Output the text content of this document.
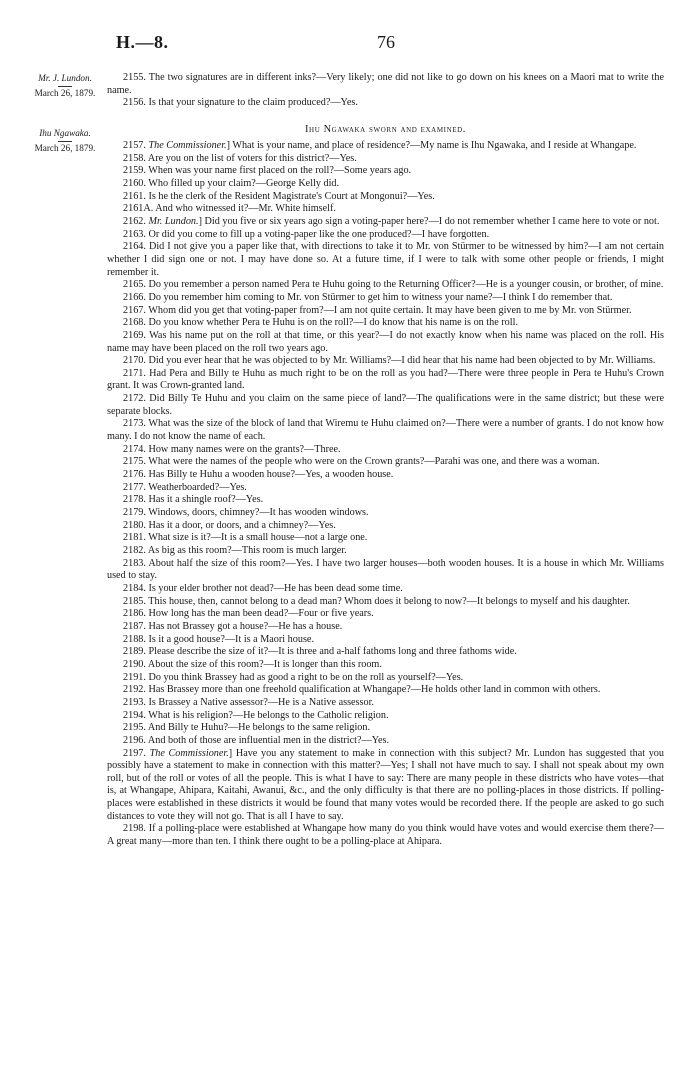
H.—8.	76
Mr. J. Lundon.
March 26, 1879.
Ihu Ngawaka.
March 26, 1879.

2155. The two signatures are in different inks?—Very likely; one did not like to go down on his knees on a Maori mat to write the name.

2156. Is that your signature to the claim produced?—Yes.

Ihu Ngawaka sworn and examined.

2157. The Commissioner.] What is your name, and place of residence?—My name is Ihu Ngawaka, and I reside at Whangape.

2158. Are you on the list of voters for this district?—Yes.

2159. When was your name first placed on the roll?—Some years ago.

2160. Who filled up your claim?—George Kelly did.

2161. Is he the clerk of the Resident Magistrate's Court at Mongonui?—Yes.

2161A. And who witnessed it?—Mr. White himself.

2162. Mr. Lundon.] Did you five or six years ago sign a voting-paper here?—I do not remember whether I came here to vote or not.

2163. Or did you come to fill up a voting-paper like the one produced?—I have forgotten.

2164. Did I not give you a paper like that, with directions to take it to Mr. von Stürmer to be witnessed by him?—I am not certain whether I did sign one or not. I may have done so. At a future time, if I were to talk with some other people or friends, I might remember it.

2165. Do you remember a person named Pera te Huhu going to the Returning Officer?—He is a younger cousin, or brother, of mine.

2166. Do you remember him coming to Mr. von Stürmer to get him to witness your name?—I think I do remember that.

2167. Whom did you get that voting-paper from?—I am not quite certain. It may have been given to me by Mr. von Stürmer.

2168. Do you know whether Pera te Huhu is on the roll?—I do know that his name is on the roll.

2169. Was his name put on the roll at that time, or this year?—I do not exactly know when his name was placed on the roll. His name may have been placed on the roll two years ago.

2170. Did you ever hear that he was objected to by Mr. Williams?—I did hear that his name had been objected to by Mr. Williams.

2171. Had Pera and Billy te Huhu as much right to be on the roll as you had?—There were three people in Pera te Huhu's Crown grant. It was Crown-granted land.

2172. Did Billy Te Huhu and you claim on the same piece of land?—The qualifications were in the same district; but these were separate blocks.

2173. What was the size of the block of land that Wiremu te Huhu claimed on?—There were a number of grants. I do not know how many. I do not know the name of each.

2174. How many names were on the grants?—Three.

2175. What were the names of the people who were on the Crown grants?—Parahi was one, and there was a woman.

2176. Has Billy te Huhu a wooden house?—Yes, a wooden house.

2177. Weatherboarded?—Yes.

2178. Has it a shingle roof?—Yes.

2179. Windows, doors, chimney?—It has wooden windows.

2180. Has it a door, or doors, and a chimney?—Yes.

2181. What size is it?—It is a small house—not a large one.

2182. As big as this room?—This room is much larger.

2183. About half the size of this room?—Yes. I have two larger houses—both wooden houses. It is a house in which Mr. Williams used to stay.

2184. Is your elder brother not dead?—He has been dead some time.

2185. This house, then, cannot belong to a dead man? Whom does it belong to now?—It belongs to myself and his daughter.

2186. How long has the man been dead?—Four or five years.

2187. Has not Brassey got a house?—He has a house.

2188. Is it a good house?—It is a Maori house.

2189. Please describe the size of it?—It is three and a-half fathoms long and three fathoms wide.

2190. About the size of this room?—It is longer than this room.

2191. Do you think Brassey had as good a right to be on the roll as yourself?—Yes.

2192. Has Brassey more than one freehold qualification at Whangape?—He holds other land in common with others.

2193. Is Brassey a Native assessor?—He is a Native assessor.

2194. What is his religion?—He belongs to the Catholic religion.

2195. And Billy te Huhu?—He belongs to the same religion.

2196. And both of those are influential men in the district?—Yes.

2197. The Commissioner.] Have you any statement to make in connection with this subject? Mr. Lundon has suggested that you possibly have a statement to make in connection with this matter?—Yes; I shall not have much to say. I shall not speak about my own roll, but of the roll or votes of all the people. This is what I have to say: There are many people in these districts who have votes—that is, at Whangape, Ahipara, Kaitahi, Awanui, &c., and the only difficulty is that there are no polling-places in those districts. If polling-places were established in these districts it would be found that many votes would be recorded there. If the people are asked to go such distances to vote they will not go. That is all I have to say.

2198. If a polling-place were established at Whangape how many do you think would have votes and would exercise them there?—A great many—more than ten. I think there ought to be a polling-place at Ahipara.
